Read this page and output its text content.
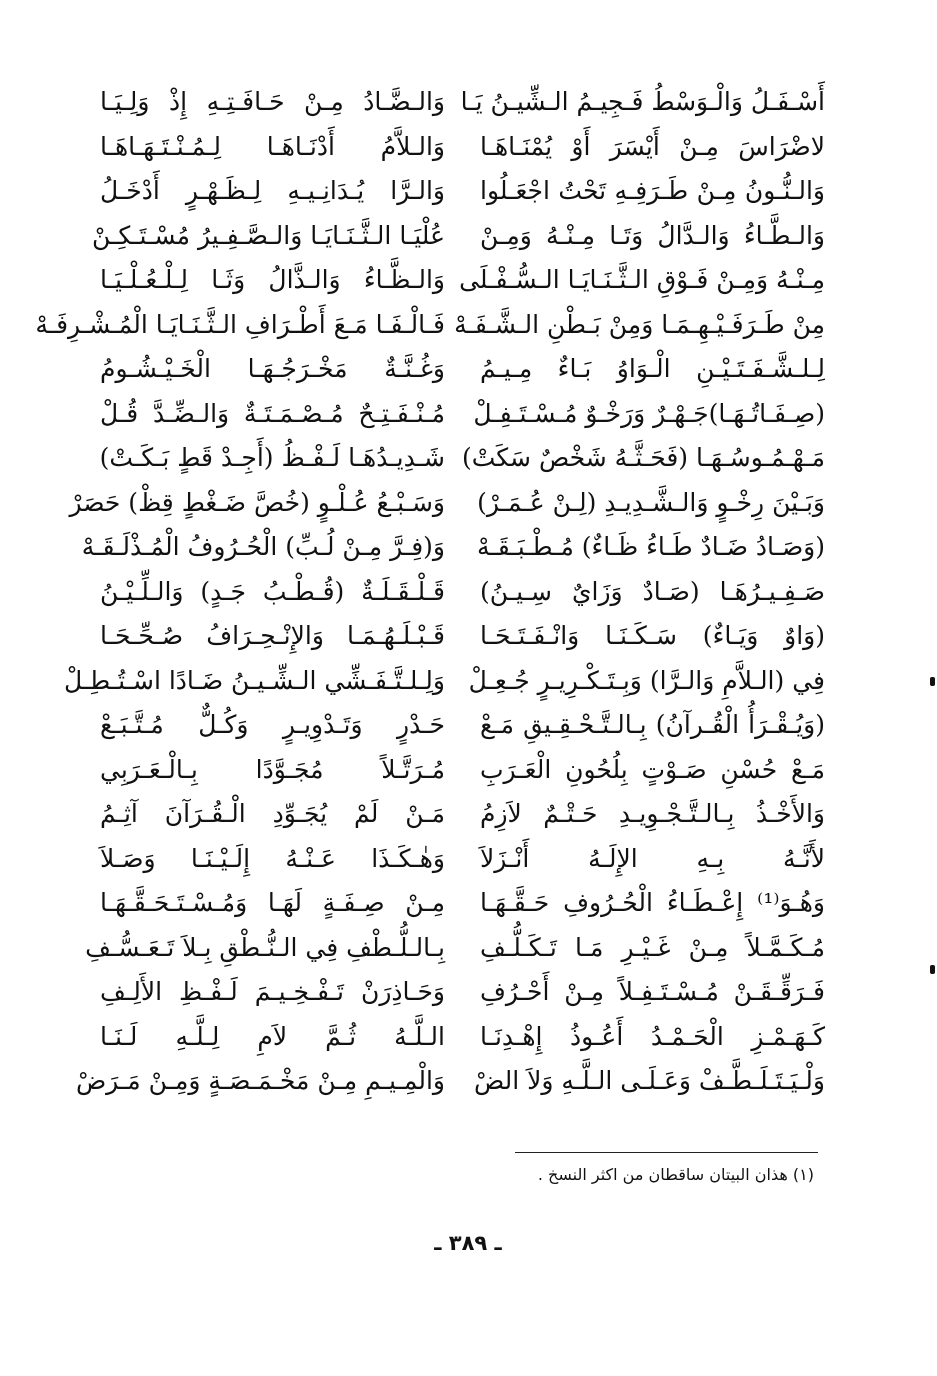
أَسْـفَـلُ وَالْـوَسْطُ فَـجِيـمُ الـشِّيـنُ يَـا
وَالـضَّـادُ مِـنْ حَـافَـتِـهِ إِذْ وَلِـيَـا
لاضْرَاسَ مِـنْ أَيْسَرَ أَوْ يُمْنَـاهَـا
وَالـلاَّمُ أَدْنَـاهَـا لِـمُـنْـتَـهَـاهَـا
وَالـنُّـونُ مِـنْ طَـرَفِـهِ تَحْتُ اجْعَـلُوا
وَالـرَّا يُـدَانِـيـهِ لِـظَـهْـرٍ أَدْخَـلُ
وَالـطَّـاءُ وَالـدَّالُ وَتَـا مِـنْـهُ وَمِـنْ
عُلْيَـا الـثَّـنَـايَـا وَالـصَّـفِـيرُ مُسْـتَـكِـنْ
مِـنْـهُ وَمِـنْ فَـوْقِ الـثَّـنَـايَـا الـسُّـفْـلَى
وَالـظَّـاءُ وَالـذَّالُ وَثَـا لِـلْـعُـلْـيَـا
مِنْ طَـرَفَـيْـهِـمَـا وَمِنْ بَـطْنِ الـشَّـفَـهْ
فَـالْـفَـا مَـعَ أَطْـرَافِ الـثَّـنَـايَـا الْمُـشْـرِفَـهْ
لِـلـشَّـفَـتَـيْـنِ الْـوَاوُ بَـاءٌ مِـيـمُ
وَغُـنَّـةٌ مَخْـرَجُـهَـا الْخَـيْـشُـومُ
(صِـفَـاتُـهَـا)جَـهْـرٌ وَرَخْـوٌ مُـسْـتَـفِـلْ
مُـنْـفَـتِـحٌ مُـصْـمَـتَـةٌ وَالـضِّـدَّ قُـلْ
مَـهْـمُـوسُـهَـا (فَحَـثَّـهُ شَخْصٌ سَكَتْ)
شَـدِيـدُهَـا لَـفْـظُ (أَجِـدْ قَطٍ بَـكَـتْ)
وَبَـيْنَ رِخْـوٍ وَالـشَّـدِيـدِ (لِـنْ عُـمَـرْ)
وَسَـبْـعُ عُـلْـوٍ (خُصَّ ضَـغْطٍ قِظْ) حَصَرْ
(وَصَـادُ ضَـادٌ طَـاءُ ظَـاءٌ) مُـطْـبَـقَـهْ
وَ(فِـرَّ مِـنْ لُـبِّ) الْحُـرُوفُ الْمُـذْلَـقَـهْ
صَـفِـيـرُهَـا (صَـادٌ وَزَايٌ سِـيـنُ)
قَـلْـقَـلَـةٌ (قُـطْـبُ جَـدٍ) وَالـلِّـيْـنُ
(وَاوٌ وَيَـاءٌ) سَـكَـنَـا وَانْـفَـتَـحَـا
قَـبْـلَـهُـمَـا وَالإِنْـحِـرَافُ صُـحِّـحَـا
فِي (الـلاَّمِ وَالـرَّا) وَبِـتَـكْـرِيـرٍ جُـعِـلْ
وَلِـلـتَّـفَـشِّي الـشِّـيـنُ ضَـادًا اسْـتُـطِـلْ
(وَيُـقْـرَأُ الْقُـرآنُ) بِـالـتَّـحْـقِـيقِ مَـعْ
حَـدْرٍ وَتَـدْوِيـرٍ وَكُـلٌّ مُـتَّـبَـعْ
مَـعْ حُسْنِ صَـوْتٍ بِلُحُونِ الْعَـرَبِ
مُـرَتَّـلاً مُجَـوَّدًا بِـالْـعَـرَبِي
وَالأَخْـذُ بِـالـتَّـجْـوِيـدِ حَـتْـمٌ لاَزِمُ
مَـنْ لَمْ يُجَـوِّدِ الْـقُـرَآنَ آثِـمُ
لأَنَّـهُ بِـهِ الإِلَـهُ أَنْـزَلاَ
وَهٰـكَـذَا عَـنْـهُ إِلَـيْـنَـا وَصَـلاَ
وَهُـوَ⁽¹⁾ إِعْـطَـاءُ الْحُـرُوفِ حَـقَّـهَـا
مِـنْ صِـفَـةٍ لَهَـا وَمُـسْـتَـحَـقَّـهَـا
مُـكَـمَّـلاً مِـنْ غَـيْـرِ مَـا تَـكَـلُّـفِ
بِـالـلُّـطْفِ فِي الـنُّـطْقِ بِـلاَ تَـعَـسُّـفِ
فَـرَقِّـقَـنْ مُـسْـتَـفِـلاً مِـنْ أَحْـرُفِ
وَحَـاذِرَنْ تَـفْـخِـيـمَ لَـفْـظِ الأَلِـفِ
كَـهَـمْـزِ الْحَـمْـدُ أَعُـوذُ إِهْـدِنَـا
الـلَّـهُ ثُـمَّ لاَمِ لِـلَّـهِ لَـنَـا
وَلْـيَـتَـلَـطَّـفْ وَعَـلَـى الـلَّـهِ وَلاَ الضْ
وَالْمِـيـمِ مِـنْ مَخْـمَـصَـةٍ وَمِـنْ مَـرَضْ
(١) هذان البيتان ساقطان من اكثر النسخ .
ـ ٣٨٩ ـ
